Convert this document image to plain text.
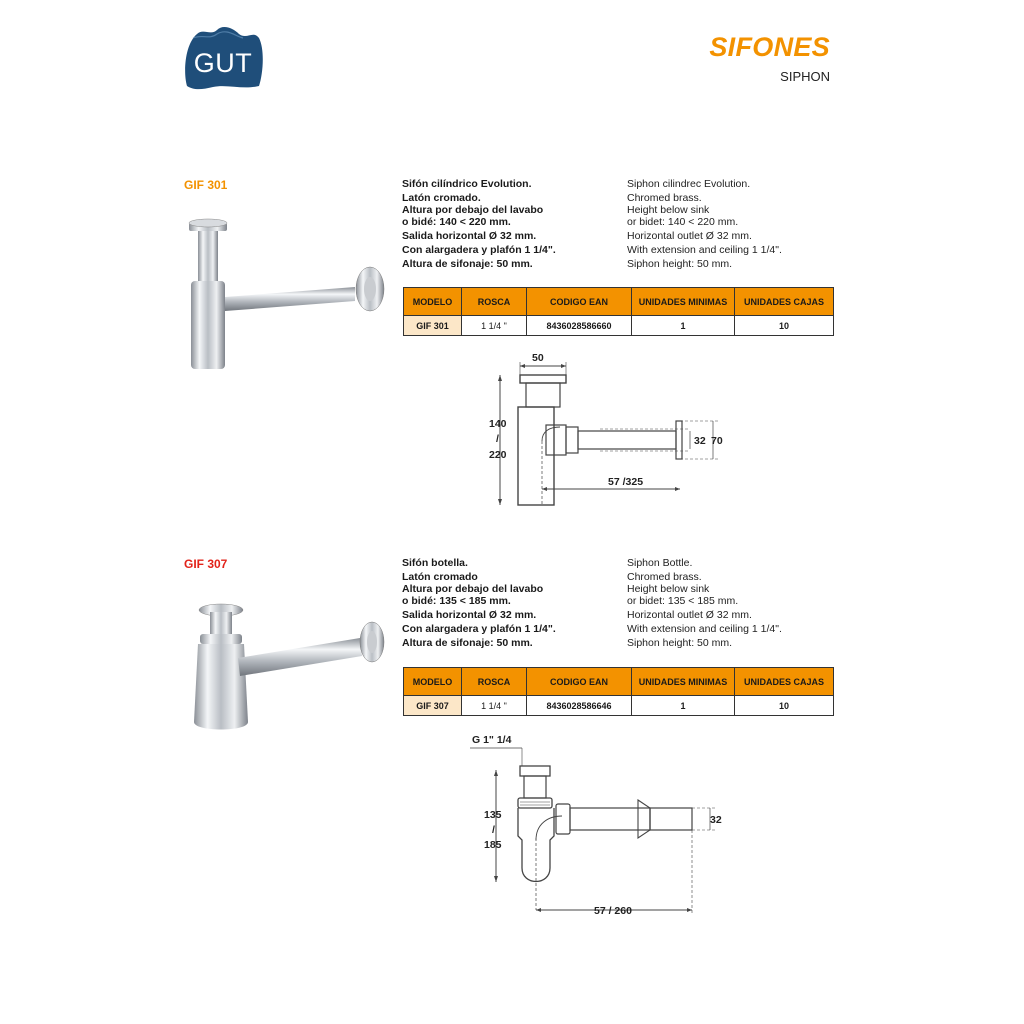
GUT
SIFONES
SIPHON
GIF 301	Sifón cilíndrico Evolution.
Latón cromado.
Altura por debajo del lavabo
o bidé: 140 < 220 mm.
Salida horizontal Ø 32 mm.
Con alargadera y plafón 1 1/4".
Altura de sifonaje: 50 mm.
Siphon cilindrec Evolution.
Chromed brass.
Height below sink
or bidet: 140 < 220 mm.
Horizontal outlet Ø 32 mm.
With extension and ceiling 1 1/4".
Siphon height: 50 mm.
MODELO	ROSCA	CODIGO EAN	UNIDADES MINIMAS	UNIDADES CAJAS
GIF 301	1 1/4 "	8436028586660	1	10
50
140
/
220
32 70
57 /325
GIF 307	Sifón botella.
Latón cromado
Altura por debajo del lavabo
o bidé: 135 < 185 mm.
Salida horizontal Ø 32 mm.
Con alargadera y plafón 1 1/4".
Altura de sifonaje: 50 mm.
Siphon Bottle.
Chromed brass.
Height below sink
or bidet: 135 < 185 mm.
Horizontal outlet Ø 32 mm.
With extension and ceiling 1 1/4".
Siphon height: 50 mm.
MODELO	ROSCA	CODIGO EAN	UNIDADES MINIMAS	UNIDADES CAJAS
GIF 307	1 1/4 "	8436028586646	1	10
G 1" 1/4
135
/
185
32
57 / 260
